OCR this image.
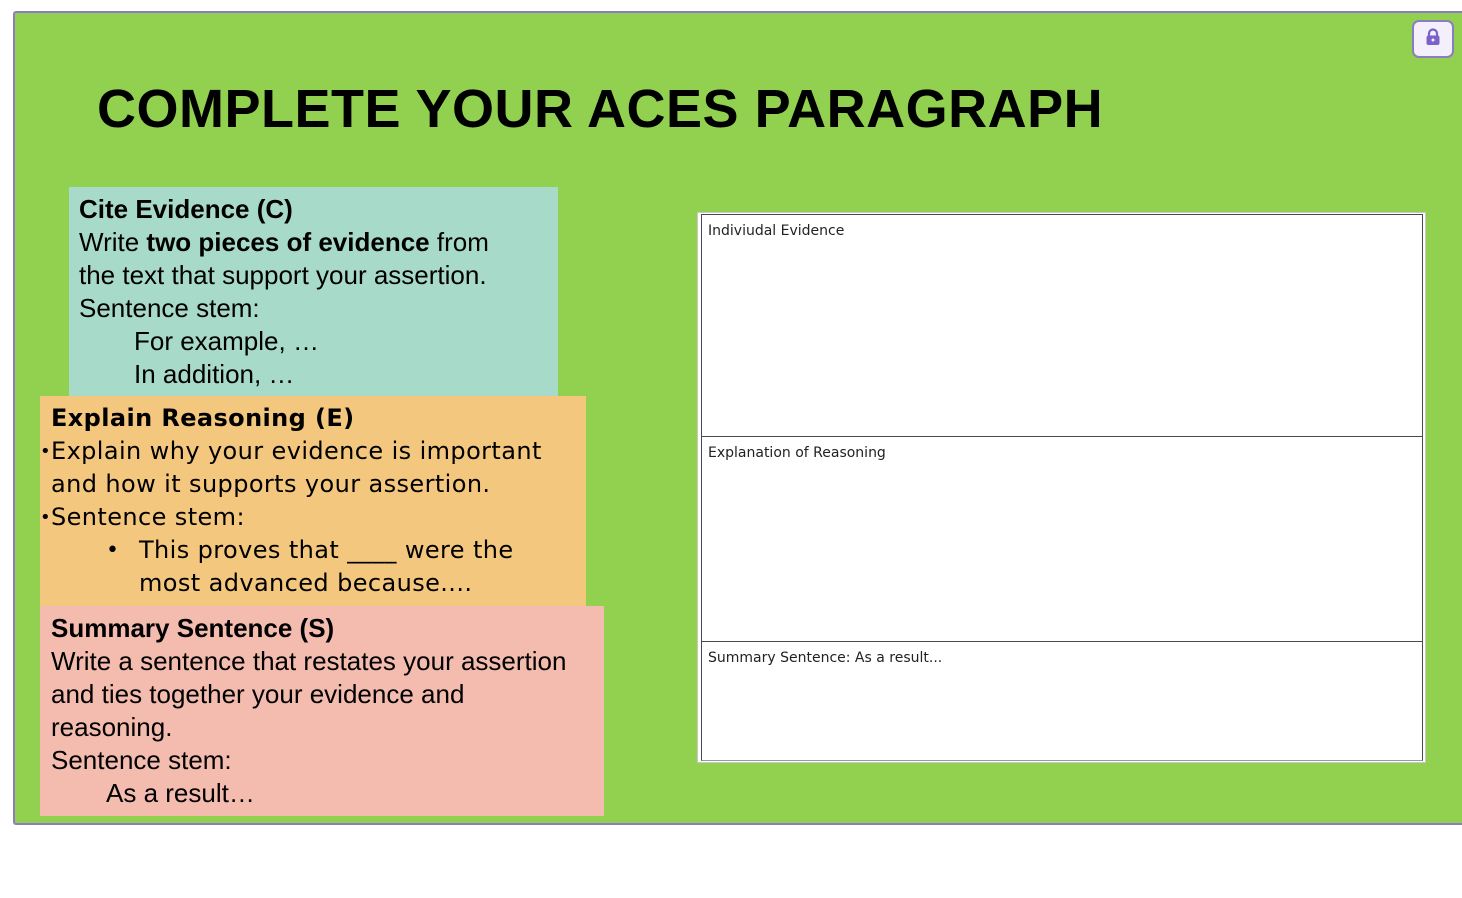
COMPLETE YOUR ACES PARAGRAPH
Cite Evidence (C)
Write two pieces of evidence from
the text that support your assertion.
Sentence stem:
For example, …
In addition, …
Explain Reasoning (E)
• Explain why your evidence is important
and how it supports your assertion.
• Sentence stem:
• This proves that ____ were the most advanced because....
Summary Sentence (S)
Write a sentence that restates your assertion
and ties together your evidence and
reasoning.
Sentence stem:
As a result…
Indiviudal Evidence
Explanation of Reasoning
Summary Sentence: As a result...
